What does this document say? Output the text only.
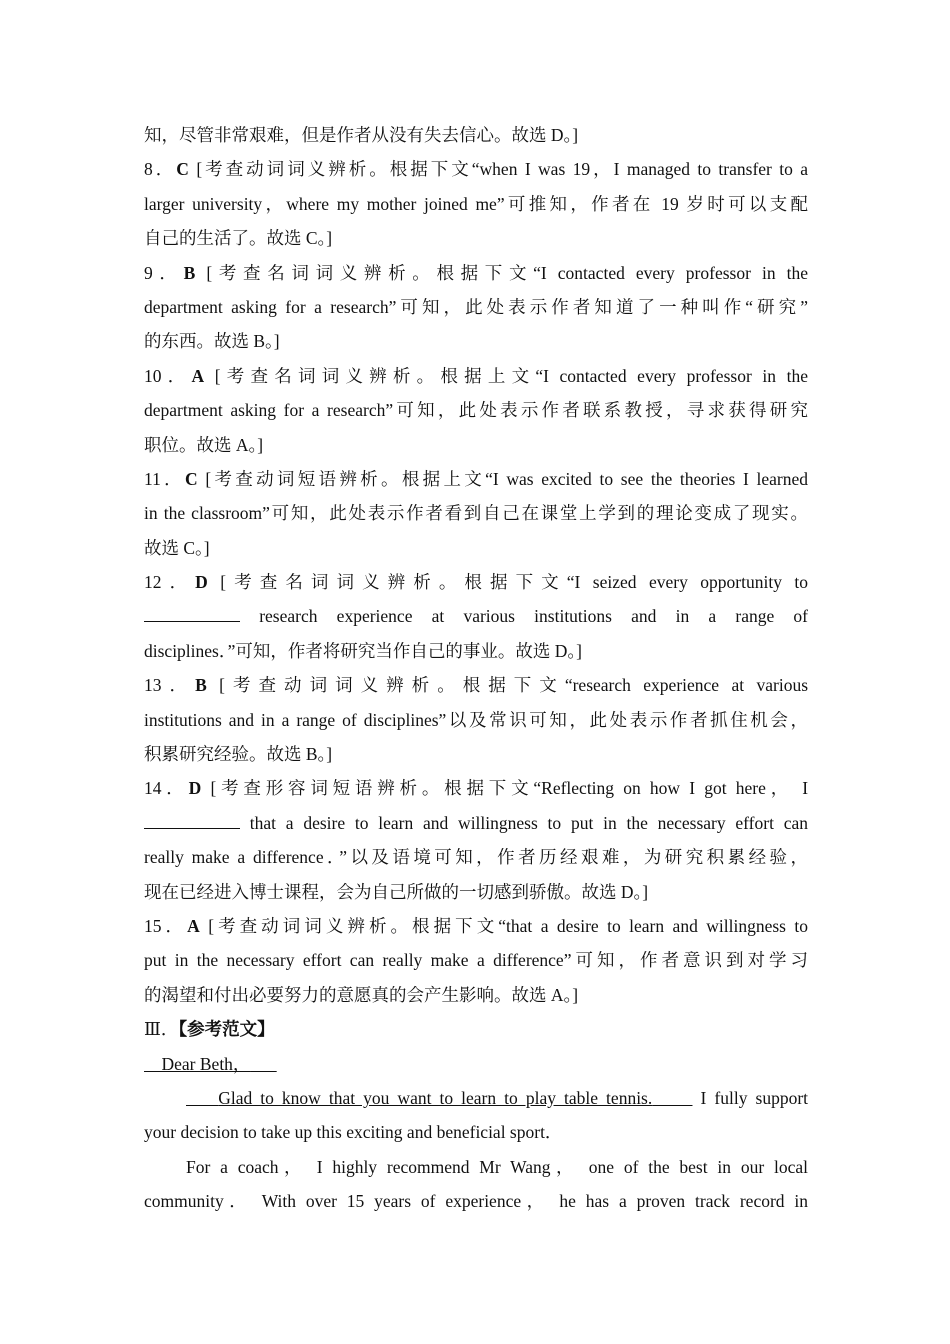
知，尽管非常艰难，但是作者从没有失去信心。故选 D。]
8．C [考查动词词义辨析。根据下文“when I was 19，I managed to transfer to a
larger university，where my mother joined me”可推知，作者在 19 岁时可以支配
自己的生活了。故选 C。]
9．B [考查名词词义辨析。根据下文“I contacted every professor in the
department asking for a research”可知，此处表示作者知道了一种叫作“研究”
的东西。故选 B。]
10．A [考查名词词义辨析。根据上文“I contacted every professor in the
department asking for a research”可知，此处表示作者联系教授，寻求获得研究
职位。故选 A。]
11．C [考查动词短语辨析。根据上文“I was excited to see the theories I learned
in the classroom”可知，此处表示作者看到自己在课堂上学到的理论变成了现实。
故选 C。]
12．D [考查名词词义辨析。根据下文“I seized every opportunity to
research experience at various institutions and in a range of
disciplines．”可知，作者将研究当作自己的事业。故选 D。]
13．B [考查动词词义辨析。根据下文“research experience at various
institutions and in a range of disciplines”以及常识可知，此处表示作者抓住机会，
积累研究经验。故选 B。]
14．D [考查形容词短语辨析。根据下文“Reflecting on how I got here， I
that a desire to learn and willingness to put in the necessary effort can
really make a difference．”以及语境可知，作者历经艰难，为研究积累经验，
现在已经进入博士课程，会为自己所做的一切感到骄傲。故选 D。]
15．A [考查动词词义辨析。根据下文“that a desire to learn and willingness to
put in the necessary effort can really make a difference”可知，作者意识到对学习
的渴望和付出必要努力的意愿真的会产生影响。故选 A。]
Ⅲ．【参考范文】
Dear Beth，
Glad to know that you want to learn to play table tennis.	I fully support
your decision to take up this exciting and beneficial sport．
For a coach， I highly recommend Mr Wang， one of the best in our local
community． With over 15 years of experience， he has a proven track record in
